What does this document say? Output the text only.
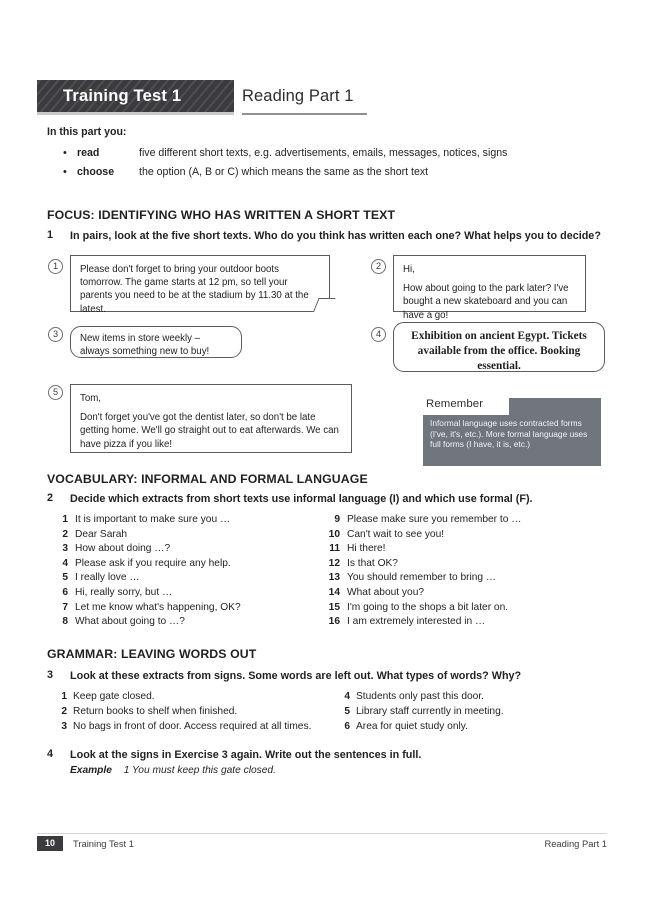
Training Test 1	Reading Part 1
In this part you:
• read	five different short texts, e.g. advertisements, emails, messages, notices, signs
• choose	the option (A, B or C) which means the same as the short text
FOCUS: IDENTIFYING WHO HAS WRITTEN A SHORT TEXT
1 In pairs, look at the five short texts. Who do you think has written each one? What helps you to decide?
1	Please don't forget to bring your outdoor boots tomorrow. The game starts at 12 pm, so tell your parents you need to be at the stadium by 11.30 at the latest.
2	Hi,
How about going to the park later? I've bought a new skateboard and you can have a go!
3	New items in store weekly – always something new to buy!
4	Exhibition on ancient Egypt. Tickets available from the office. Booking essential.
5
Tom,
Don't forget you've got the dentist later, so don't be late getting home. We'll go straight out to eat afterwards. We can have pizza if you like!
Remember
Informal language uses contracted forms (I've, it's, etc.). More formal language uses full forms (I have, it is, etc.)
VOCABULARY: INFORMAL AND FORMAL LANGUAGE
2 Decide which extracts from short texts use informal language (I) and which use formal (F).
1 It is important to make sure you …
2 Dear Sarah
3 How about doing …?
4 Please ask if you require any help.
5 I really love …
6 Hi, really sorry, but …
7 Let me know what's happening, OK?
8 What about going to …?
9 Please make sure you remember to …
10 Can't wait to see you!
11 Hi there!
12 Is that OK?
13 You should remember to bring …
14 What about you?
15 I'm going to the shops a bit later on.
16 I am extremely interested in …
GRAMMAR: LEAVING WORDS OUT
3 Look at these extracts from signs. Some words are left out. What types of words? Why?
1 Keep gate closed.
2 Return books to shelf when finished.
3 No bags in front of door. Access required at all times.
4 Students only past this door.
5 Library staff currently in meeting.
6 Area for quiet study only.
4 Look at the signs in Exercise 3 again. Write out the sentences in full.
Example 1 You must keep this gate closed.
10	Training Test 1	Reading Part 1
